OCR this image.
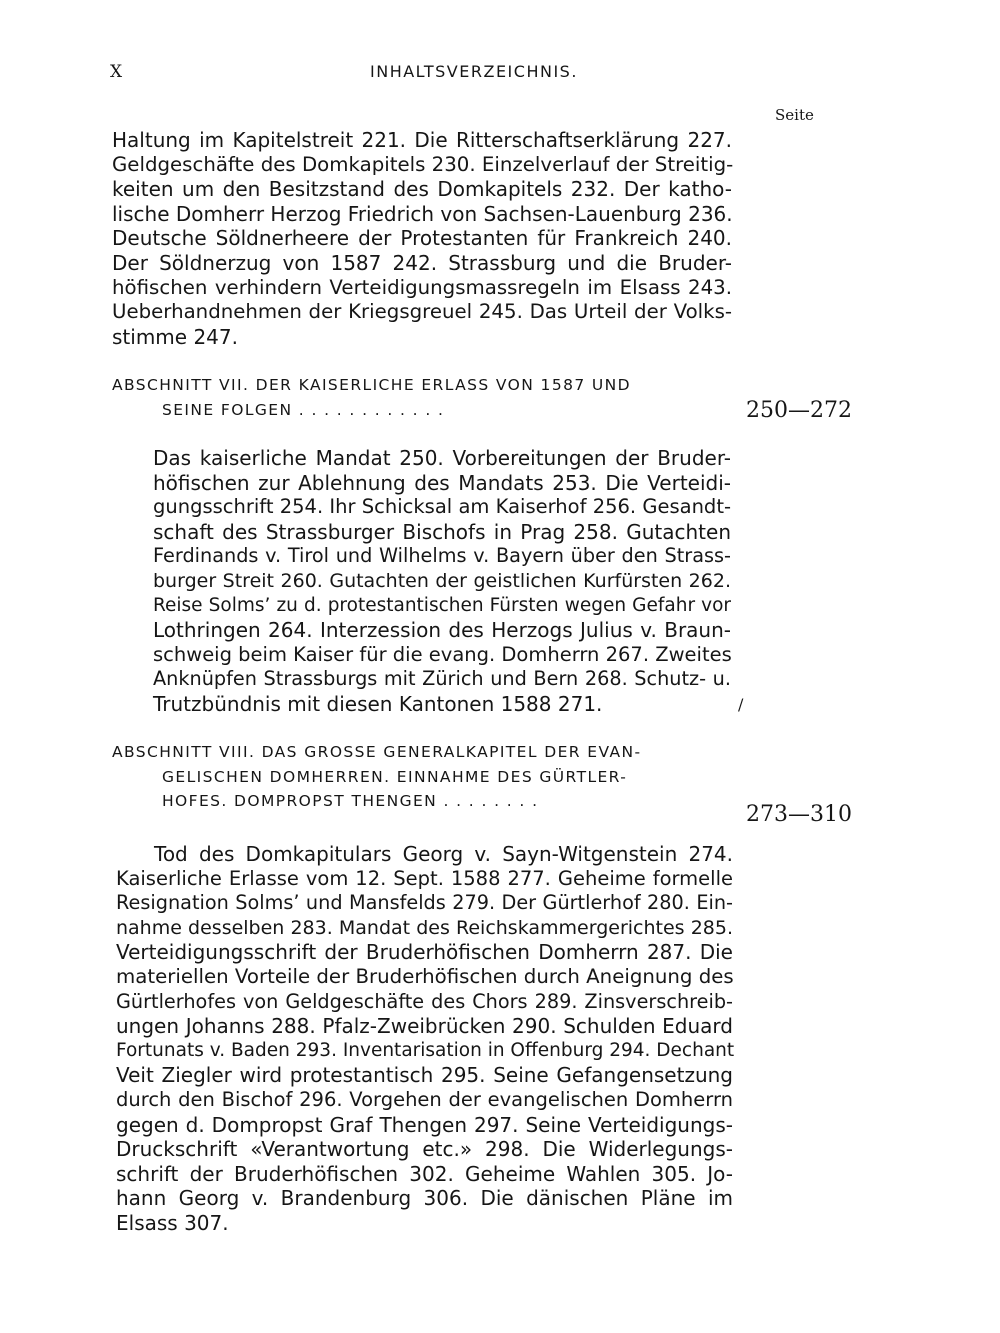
X	INHALTSVERZEICHNIS.
Seite
Haltung im Kapitelstreit 221. Die Ritterschaftserklärung 227.
Geldgeschäfte des Domkapitels 230. Einzelverlauf der Streitig-
keiten um den Besitzstand des Domkapitels 232. Der katho-
lische Domherr Herzog Friedrich von Sachsen-Lauenburg 236.
Deutsche Söldnerheere der Protestanten für Frankreich 240.
Der Söldnerzug von 1587 242. Strassburg und die Bruder-
höfischen verhindern Verteidigungsmassregeln im Elsass 243.
Ueberhandnehmen der Kriegsgreuel 245. Das Urteil der Volks-
stimme 247.
ABSCHNITT VII. DER KAISERLICHE ERLASS VON 1587 UND
SEINE FOLGEN . . . . . . . . . . . .	250—272
Das kaiserliche Mandat 250. Vorbereitungen der Bruder-
höfischen zur Ablehnung des Mandats 253. Die Verteidi-
gungsschrift 254. Ihr Schicksal am Kaiserhof 256. Gesandt-
schaft des Strassburger Bischofs in Prag 258. Gutachten
Ferdinands v. Tirol und Wilhelms v. Bayern über den Strass-
burger Streit 260. Gutachten der geistlichen Kurfürsten 262.
Reise Solms’ zu d. protestantischen Fürsten wegen Gefahr vor
Lothringen 264. Interzession des Herzogs Julius v. Braun-
schweig beim Kaiser für die evang. Domherrn 267. Zweites
Anknüpfen Strassburgs mit Zürich und Bern 268. Schutz- u.
Trutzbündnis mit diesen Kantonen 1588 271.	/
ABSCHNITT VIII. DAS GROSSE GENERALKAPITEL DER EVAN-
GELISCHEN DOMHERREN. EINNAHME DES GÜRTLER-
HOFES. DOMPROPST THENGEN . . . . . . . .
273—310
Tod des Domkapitulars Georg v. Sayn-Witgenstein 274.
Kaiserliche Erlasse vom 12. Sept. 1588 277. Geheime formelle
Resignation Solms’ und Mansfelds 279. Der Gürtlerhof 280. Ein-
nahme desselben 283. Mandat des Reichskammergerichtes 285.
Verteidigungsschrift der Bruderhöfischen Domherrn 287. Die
materiellen Vorteile der Bruderhöfischen durch Aneignung des
Gürtlerhofes von Geldgeschäfte des Chors 289. Zinsverschreib-
ungen Johanns 288. Pfalz-Zweibrücken 290. Schulden Eduard
Fortunats v. Baden 293. Inventarisation in Offenburg 294. Dechant
Veit Ziegler wird protestantisch 295. Seine Gefangensetzung
durch den Bischof 296. Vorgehen der evangelischen Domherrn
gegen d. Dompropst Graf Thengen 297. Seine Verteidigungs-
Druckschrift «Verantwortung etc.» 298. Die Widerlegungs-
schrift der Bruderhöfischen 302. Geheime Wahlen 305. Jo-
hann Georg v. Brandenburg 306. Die dänischen Pläne im
Elsass 307.
